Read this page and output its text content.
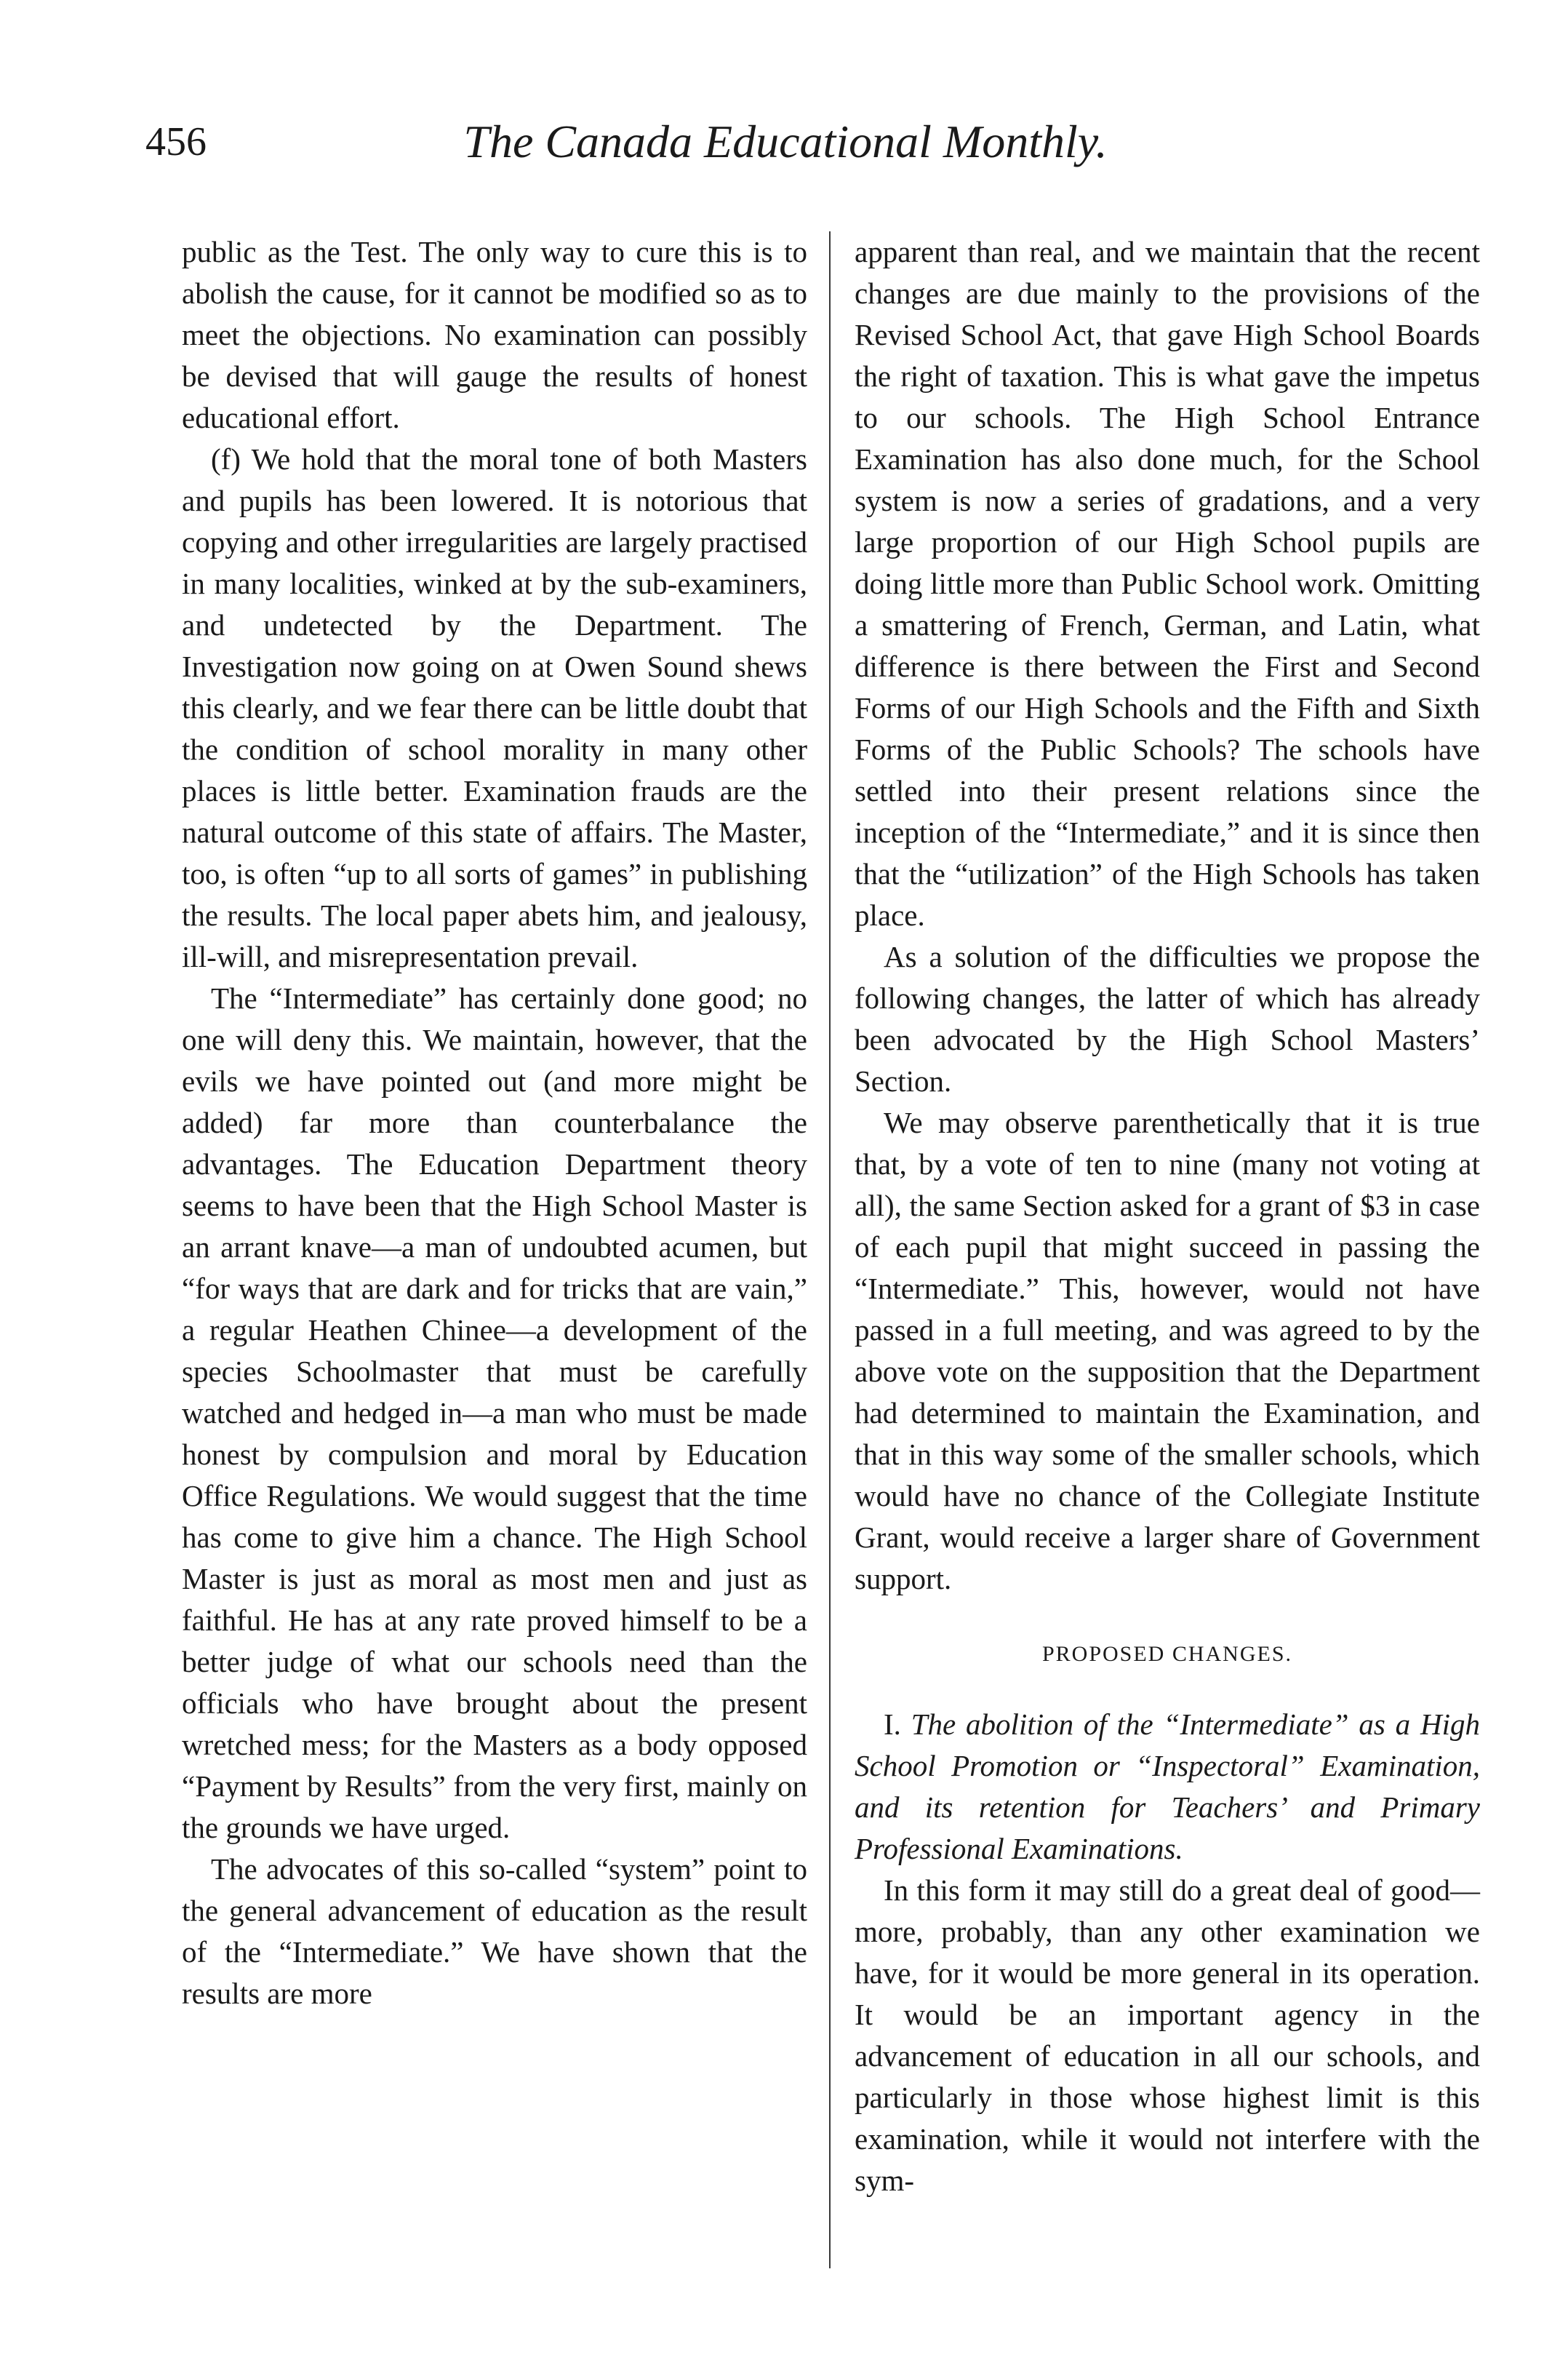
456	The Canada Educational Monthly.

public as the Test. The only way to cure this is to abolish the cause, for it cannot be modified so as to meet the objections. No examination can possibly be devised that will gauge the results of honest educational effort.

(f) We hold that the moral tone of both Masters and pupils has been lowered. It is notorious that copying and other irregularities are largely practised in many localities, winked at by the sub-examiners, and undetected by the Department. The Investigation now going on at Owen Sound shews this clearly, and we fear there can be little doubt that the condition of school morality in many other places is little better. Examination frauds are the natural outcome of this state of affairs. The Master, too, is often “up to all sorts of games” in publishing the results. The local paper abets him, and jealousy, ill-will, and misrepresentation prevail.

The “Intermediate” has certainly done good; no one will deny this. We maintain, however, that the evils we have pointed out (and more might be added) far more than counterbalance the advantages. The Education Department theory seems to have been that the High School Master is an arrant knave—a man of undoubted acumen, but “for ways that are dark and for tricks that are vain,” a regular Heathen Chinee—a development of the species Schoolmaster that must be carefully watched and hedged in—a man who must be made honest by compulsion and moral by Education Office Regulations. We would suggest that the time has come to give him a chance. The High School Master is just as moral as most men and just as faithful. He has at any rate proved himself to be a better judge of what our schools need than the officials who have brought about the present wretched mess; for the Masters as a body opposed “Payment by Results” from the very first, mainly on the grounds we have urged.

The advocates of this so-called “system” point to the general advancement of education as the result of the “Intermediate.” We have shown that the results are more

apparent than real, and we maintain that the recent changes are due mainly to the provisions of the Revised School Act, that gave High School Boards the right of taxation. This is what gave the impetus to our schools. The High School Entrance Examination has also done much, for the School system is now a series of gradations, and a very large proportion of our High School pupils are doing little more than Public School work. Omitting a smattering of French, German, and Latin, what difference is there between the First and Second Forms of our High Schools and the Fifth and Sixth Forms of the Public Schools? The schools have settled into their present relations since the inception of the “Intermediate,” and it is since then that the “utilization” of the High Schools has taken place.

As a solution of the difficulties we propose the following changes, the latter of which has already been advocated by the High School Masters’ Section.

We may observe parenthetically that it is true that, by a vote of ten to nine (many not voting at all), the same Section asked for a grant of $3 in case of each pupil that might succeed in passing the “Intermediate.” This, however, would not have passed in a full meeting, and was agreed to by the above vote on the supposition that the Department had determined to maintain the Examination, and that in this way some of the smaller schools, which would have no chance of the Collegiate Institute Grant, would receive a larger share of Government support.

PROPOSED CHANGES.

I. The abolition of the “Intermediate” as a High School Promotion or “Inspectoral” Examination, and its retention for Teachers’ and Primary Professional Examinations.

In this form it may still do a great deal of good—more, probably, than any other examination we have, for it would be more general in its operation. It would be an important agency in the advancement of education in all our schools, and particularly in those whose highest limit is this examination, while it would not interfere with the sym-
